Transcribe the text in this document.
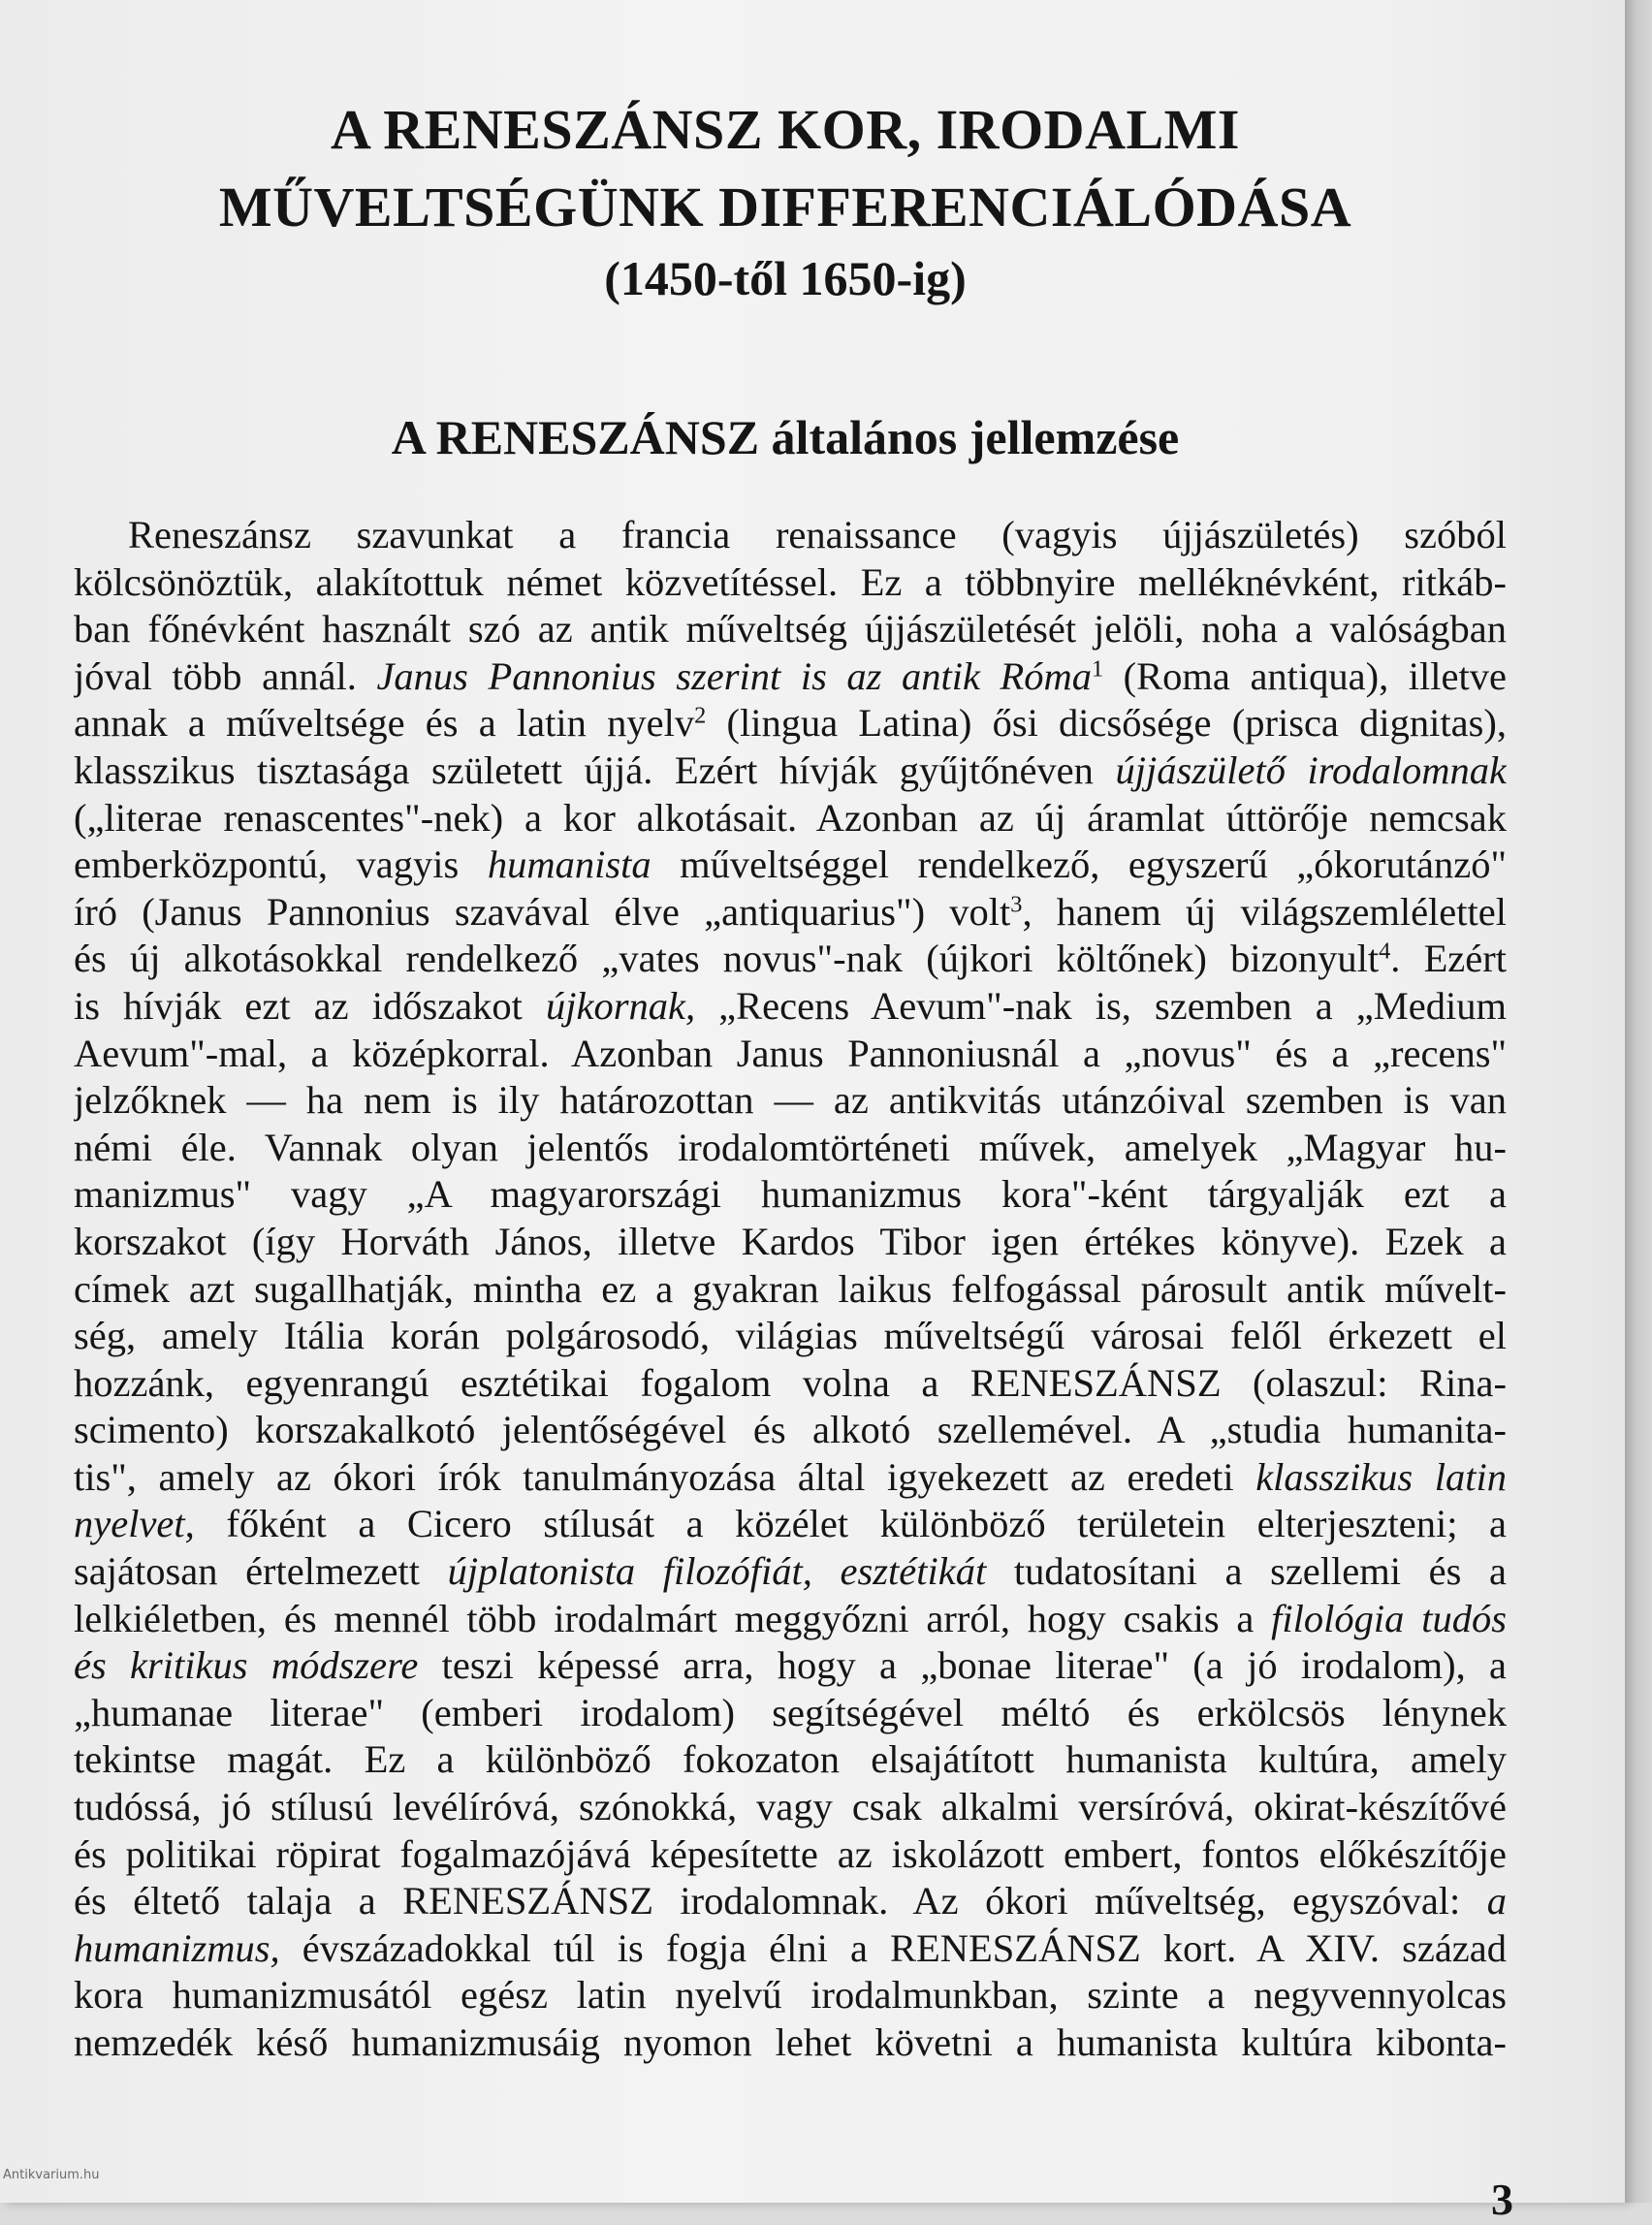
A RENESZÁNSZ KOR, IRODALMI
MŰVELTSÉGÜNK DIFFERENCIÁLÓDÁSA
(1450-től 1650-ig)
A RENESZÁNSZ általános jellemzése
Reneszánsz szavunkat a francia renaissance (vagyis újjászületés) szóból
kölcsönöztük, alakítottuk német közvetítéssel. Ez a többnyire melléknévként, ritkáb-
ban főnévként használt szó az antik műveltség újjászületését jelöli, noha a valóságban
jóval több annál. Janus Pannonius szerint is az antik Róma$^1$ (Roma antiqua), illetve
annak a műveltsége és a latin nyelv$^2$ (lingua Latina) ősi dicsősége (prisca dignitas),
klasszikus tisztasága született újjá. Ezért hívják gyűjtőnéven újjászülető irodalomnak
(„literae renascentes"-nek) a kor alkotásait. Azonban az új áramlat úttörője nemcsak
emberközpontú, vagyis humanista műveltséggel rendelkező, egyszerű „ókorutánzó"
író (Janus Pannonius szavával élve „antiquarius") volt$^3$, hanem új világszemlélettel
és új alkotásokkal rendelkező „vates novus"-nak (újkori költőnek) bizonyult$^4$. Ezért
is hívják ezt az időszakot újkornak, „Recens Aevum"-nak is, szemben a „Medium
Aevum"-mal, a középkorral. Azonban Janus Pannoniusnál a „novus" és a „recens"
jelzőknek — ha nem is ily határozottan — az antikvitás utánzóival szemben is van
némi éle. Vannak olyan jelentős irodalomtörténeti művek, amelyek „Magyar hu-
manizmus" vagy „A magyarországi humanizmus kora"-ként tárgyalják ezt a
korszakot (így Horváth János, illetve Kardos Tibor igen értékes könyve). Ezek a
címek azt sugallhatják, mintha ez a gyakran laikus felfogással párosult antik művelt-
ség, amely Itália korán polgárosodó, világias műveltségű városai felől érkezett el
hozzánk, egyenrangú esztétikai fogalom volna a RENESZÁNSZ (olaszul: Rina-
scimento) korszakalkotó jelentőségével és alkotó szellemével. A „studia humanita-
tis", amely az ókori írók tanulmányozása által igyekezett az eredeti klasszikus latin
nyelvet, főként a Cicero stílusát a közélet különböző területein elterjeszteni; a
sajátosan értelmezett újplatonista filozófiát, esztétikát tudatosítani a szellemi és a
lelkiéletben, és mennél több irodalmárt meggyőzni arról, hogy csakis a filológia tudós
és kritikus módszere teszi képessé arra, hogy a „bonae literae" (a jó irodalom), a
„humanae literae" (emberi irodalom) segítségével méltó és erkölcsös lénynek
tekintse magát. Ez a különböző fokozaton elsajátított humanista kultúra, amely
tudóssá, jó stílusú levélíróvá, szónokká, vagy csak alkalmi versíróvá, okirat-készítővé
és politikai röpirat fogalmazójává képesítette az iskolázott embert, fontos előkészítője
és éltető talaja a RENESZÁNSZ irodalomnak. Az ókori műveltség, egyszóval: a
humanizmus, évszázadokkal túl is fogja élni a RENESZÁNSZ kort. A XIV. század
kora humanizmusától egész latin nyelvű irodalmunkban, szinte a negyvennyolcas
nemzedék késő humanizmusáig nyomon lehet követni a humanista kultúra kibonta-
3
Antikvarium.hu
